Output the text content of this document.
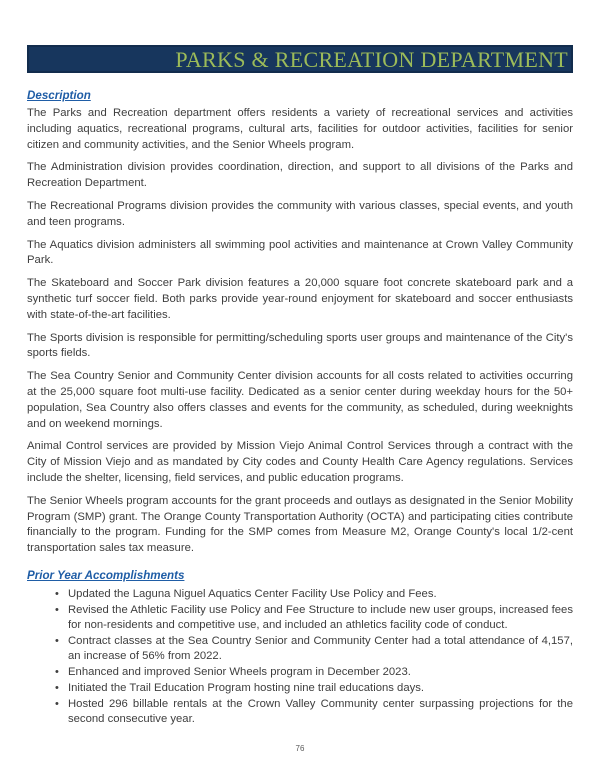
PARKS & RECREATION DEPARTMENT
Description

The Parks and Recreation department offers residents a variety of recreational services and activities including aquatics, recreational programs, cultural arts, facilities for outdoor activities, facilities for senior citizen and community activities, and the Senior Wheels program.

The Administration division provides coordination, direction, and support to all divisions of the Parks and Recreation Department.

The Recreational Programs division provides the community with various classes, special events, and youth and teen programs.

The Aquatics division administers all swimming pool activities and maintenance at Crown Valley Community Park.

The Skateboard and Soccer Park division features a 20,000 square foot concrete skateboard park and a synthetic turf soccer field. Both parks provide year-round enjoyment for skateboard and soccer enthusiasts with state-of-the-art facilities.

The Sports division is responsible for permitting/scheduling sports user groups and maintenance of the City's sports fields.

The Sea Country Senior and Community Center division accounts for all costs related to activities occurring at the 25,000 square foot multi-use facility. Dedicated as a senior center during weekday hours for the 50+ population, Sea Country also offers classes and events for the community, as scheduled, during weeknights and on weekend mornings.

Animal Control services are provided by Mission Viejo Animal Control Services through a contract with the City of Mission Viejo and as mandated by City codes and County Health Care Agency regulations. Services include the shelter, licensing, field services, and public education programs.

The Senior Wheels program accounts for the grant proceeds and outlays as designated in the Senior Mobility Program (SMP) grant. The Orange County Transportation Authority (OCTA) and participating cities contribute financially to the program. Funding for the SMP comes from Measure M2, Orange County's local 1/2-cent transportation sales tax measure.

Prior Year Accomplishments
• Updated the Laguna Niguel Aquatics Center Facility Use Policy and Fees.
• Revised the Athletic Facility use Policy and Fee Structure to include new user groups, increased fees for non-residents and competitive use, and included an athletics facility code of conduct.
• Contract classes at the Sea Country Senior and Community Center had a total attendance of 4,157, an increase of 56% from 2022.
• Enhanced and improved Senior Wheels program in December 2023.
• Initiated the Trail Education Program hosting nine trail educations days.
• Hosted 296 billable rentals at the Crown Valley Community center surpassing projections for the second consecutive year.
76
